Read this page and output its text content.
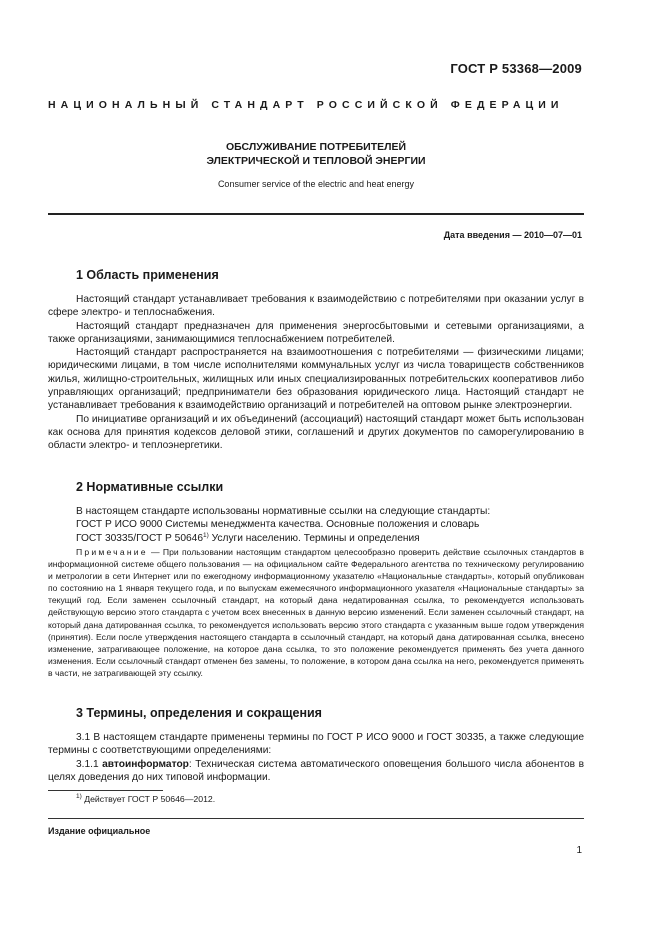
ГОСТ Р 53368—2009
НАЦИОНАЛЬНЫЙ СТАНДАРТ РОССИЙСКОЙ ФЕДЕРАЦИИ
ОБСЛУЖИВАНИЕ ПОТРЕБИТЕЛЕЙ
ЭЛЕКТРИЧЕСКОЙ И ТЕПЛОВОЙ ЭНЕРГИИ
Consumer service of the electric and heat energy
Дата введения — 2010—07—01
1 Область применения

Настоящий стандарт устанавливает требования к взаимодействию с потребителями при оказании услуг в сфере электро- и теплоснабжения.

Настоящий стандарт предназначен для применения энергосбытовыми и сетевыми организациями, а также организациями, занимающимися теплоснабжением потребителей.

Настоящий стандарт распространяется на взаимоотношения с потребителями — физическими лицами; юридическими лицами, в том числе исполнителями коммунальных услуг из числа товариществ собственников жилья, жилищно-строительных, жилищных или иных специализированных потребительских кооперативов либо управляющих организаций; предприниматели без образования юридического лица. Настоящий стандарт не устанавливает требования к взаимодействию организаций и потребителей на оптовом рынке электроэнергии.

По инициативе организаций и их объединений (ассоциаций) настоящий стандарт может быть использован как основа для принятия кодексов деловой этики, соглашений и других документов по саморегулированию в области электро- и теплоэнергетики.

2 Нормативные ссылки

В настоящем стандарте использованы нормативные ссылки на следующие стандарты:

ГОСТ Р ИСО 9000 Системы менеджмента качества. Основные положения и словарь

ГОСТ 30335/ГОСТ Р 50646$^{1)}$ Услуги населению. Термины и определения

Примечание — При пользовании настоящим стандартом целесообразно проверить действие ссылочных стандартов в информационной системе общего пользования — на официальном сайте Федерального агентства по техническому регулированию и метрологии в сети Интернет или по ежегодному информационному указателю «Национальные стандарты», который опубликован по состоянию на 1 января текущего года, и по выпускам ежемесячного информационного указателя «Национальные стандарты» за текущий год. Если заменен ссылочный стандарт, на который дана недатированная ссылка, то рекомендуется использовать действующую версию этого стандарта с учетом всех внесенных в данную версию изменений. Если заменен ссылочный стандарт, на который дана датированная ссылка, то рекомендуется использовать версию этого стандарта с указанным выше годом утверждения (принятия). Если после утверждения настоящего стандарта в ссылочный стандарт, на который дана датированная ссылка, внесено изменение, затрагивающее положение, на которое дана ссылка, то это положение рекомендуется применять без учета данного изменения. Если ссылочный стандарт отменен без замены, то положение, в котором дана ссылка на него, рекомендуется применять в части, не затрагивающей эту ссылку.

3 Термины, определения и сокращения

3.1 В настоящем стандарте применены термины по ГОСТ Р ИСО 9000 и ГОСТ 30335, а также следующие термины с соответствующими определениями:

3.1.1 автоинформатор: Техническая система автоматического оповещения большого числа абонентов в целях доведения до них типовой информации.

$^{1)}$ Действует ГОСТ Р 50646—2012.
Издание официальное
1
